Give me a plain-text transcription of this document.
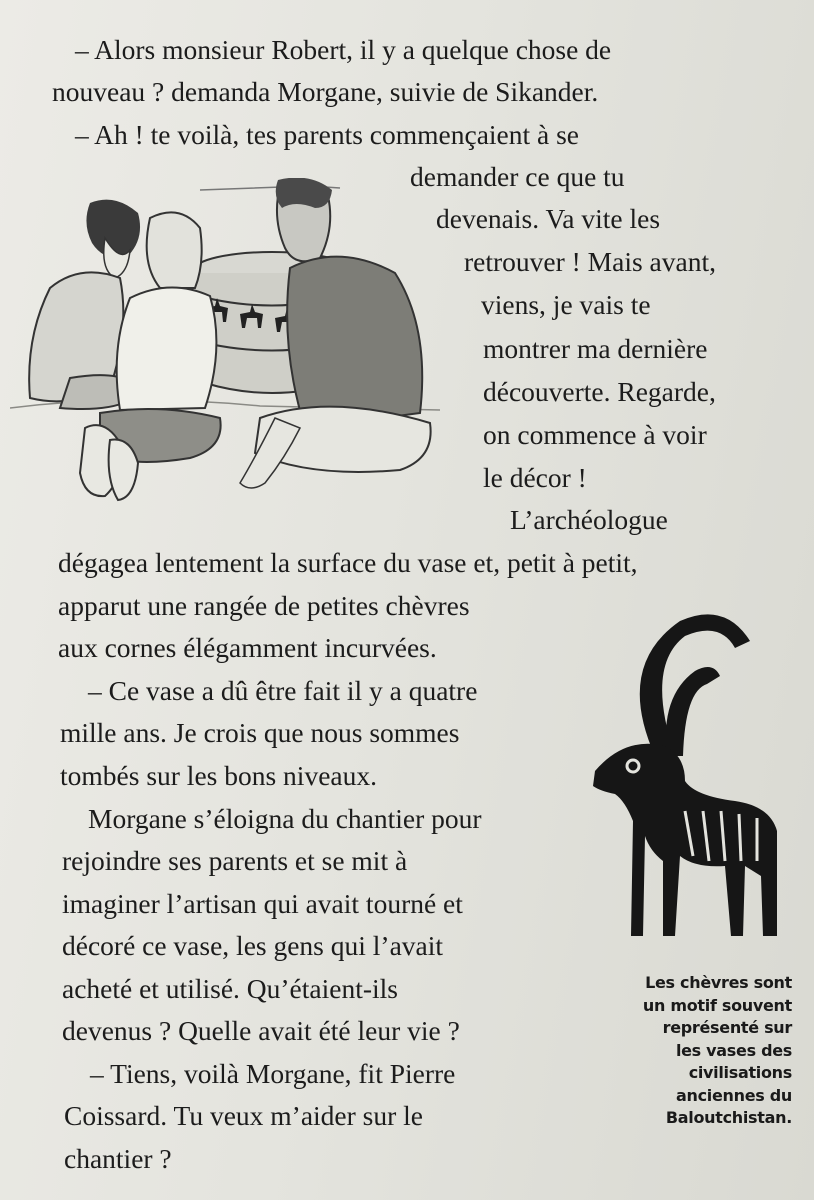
– Alors monsieur Robert, il y a quelque chose de
nouveau ? demanda Morgane, suivie de Sikander.
– Ah ! te voilà, tes parents commençaient à se
demander ce que tu
devenais. Va vite les
retrouver ! Mais avant,
viens, je vais te
montrer ma dernière
découverte. Regarde,
on commence à voir
le décor !
L’archéologue
dégagea lentement la surface du vase et, petit à petit,
apparut une rangée de petites chèvres
aux cornes élégamment incurvées.
– Ce vase a dû être fait il y a quatre
mille ans. Je crois que nous sommes
tombés sur les bons niveaux.
Morgane s’éloigna du chantier pour
rejoindre ses parents et se mit à
imaginer l’artisan qui avait tourné et
décoré ce vase, les gens qui l’avait
acheté et utilisé. Qu’étaient-ils
devenus ? Quelle avait été leur vie ?
– Tiens, voilà Morgane, fit Pierre
Coissard. Tu veux m’aider sur le
chantier ?
Les chèvres sont
un motif souvent
représenté sur
les vases des
civilisations
anciennes du
Baloutchistan.
